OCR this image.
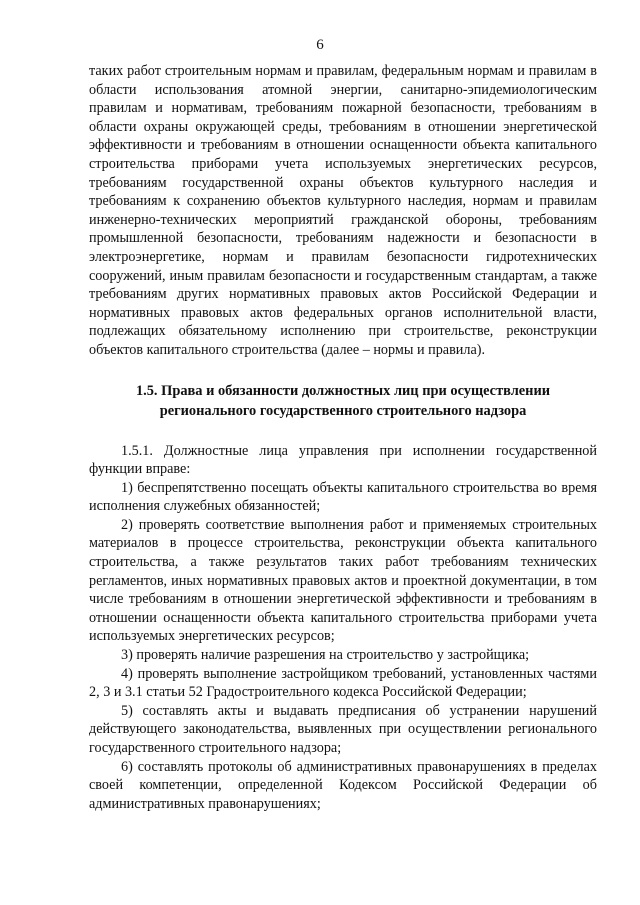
6

таких работ строительным нормам и правилам, федеральным нормам и правилам в области использования атомной энергии, санитарно-эпидемиологическим правилам и нормативам, требованиям пожарной безопасности, требованиям в области охраны окружающей среды, требованиям в отношении энергетической эффективности и требованиям в отношении оснащенности объекта капитального строительства приборами учета используемых энергетических ресурсов, требованиям государственной охраны объектов культурного наследия и требованиям к сохранению объектов культурного наследия, нормам и правилам инженерно-технических мероприятий гражданской обороны, требованиям промышленной безопасности, требованиям надежности и безопасности в электроэнергетике, нормам и правилам безопасности гидротехнических сооружений, иным правилам безопасности и государственным стандартам, а также требованиям других нормативных правовых актов Российской Федерации и нормативных правовых актов федеральных органов исполнительной власти, подлежащих обязательному исполнению при строительстве, реконструкции объектов капитального строительства (далее – нормы и правила).

1.5. Права и обязанности должностных лиц при осуществлении
регионального государственного строительного надзора

1.5.1. Должностные лица управления при исполнении государственной функции вправе:

1) беспрепятственно посещать объекты капитального строительства во время исполнения служебных обязанностей;

2) проверять соответствие выполнения работ и применяемых строительных материалов в процессе строительства, реконструкции объекта капитального строительства, а также результатов таких работ требованиям технических регламентов, иных нормативных правовых актов и проектной документации, в том числе требованиям в отношении энергетической эффективности и требованиям в отношении оснащенности объекта капитального строительства приборами учета используемых энергетических ресурсов;

3) проверять наличие разрешения на строительство у застройщика;

4) проверять выполнение застройщиком требований, установленных частями 2, 3 и 3.1 статьи 52 Градостроительного кодекса Российской Федерации;

5) составлять акты и выдавать предписания об устранении нарушений действующего законодательства, выявленных при осуществлении регионального государственного строительного надзора;

6) составлять протоколы об административных правонарушениях в пределах своей компетенции, определенной Кодексом Российской Федерации об административных правонарушениях;
